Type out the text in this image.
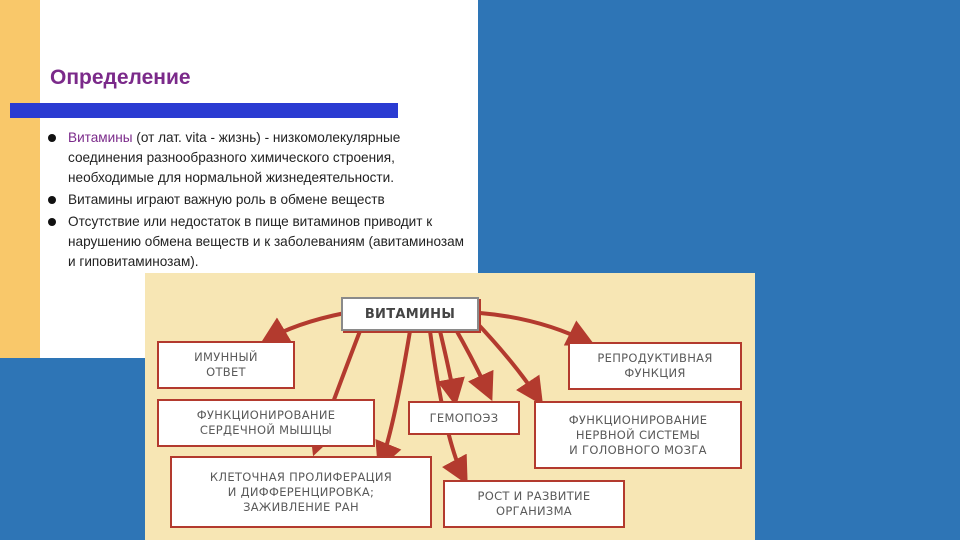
Определение
Витамины (от лат. vita - жизнь) - низкомолекулярные соединения разнообразного химического строения, необходимые для нормальной жизнедеятельности.
Витамины играют важную роль в обмене веществ
Отсутствие или недостаток в пище витаминов приводит к нарушению обмена веществ и к заболеваниям (авитаминозам и гиповитаминозам).
ВИТАМИНЫ
ИМУННЫЙ
ОТВЕТ
ФУНКЦИОНИРОВАНИЕ
СЕРДЕЧНОЙ МЫШЦЫ
КЛЕТОЧНАЯ ПРОЛИФЕРАЦИЯ
И ДИФФЕРЕНЦИРОВКА;
ЗАЖИВЛЕНИЕ РАН
ГЕМОПОЭЗ
РОСТ И РАЗВИТИЕ
ОРГАНИЗМА
ФУНКЦИОНИРОВАНИЕ
НЕРВНОЙ СИСТЕМЫ
И ГОЛОВНОГО МОЗГА
РЕПРОДУКТИВНАЯ
ФУНКЦИЯ
